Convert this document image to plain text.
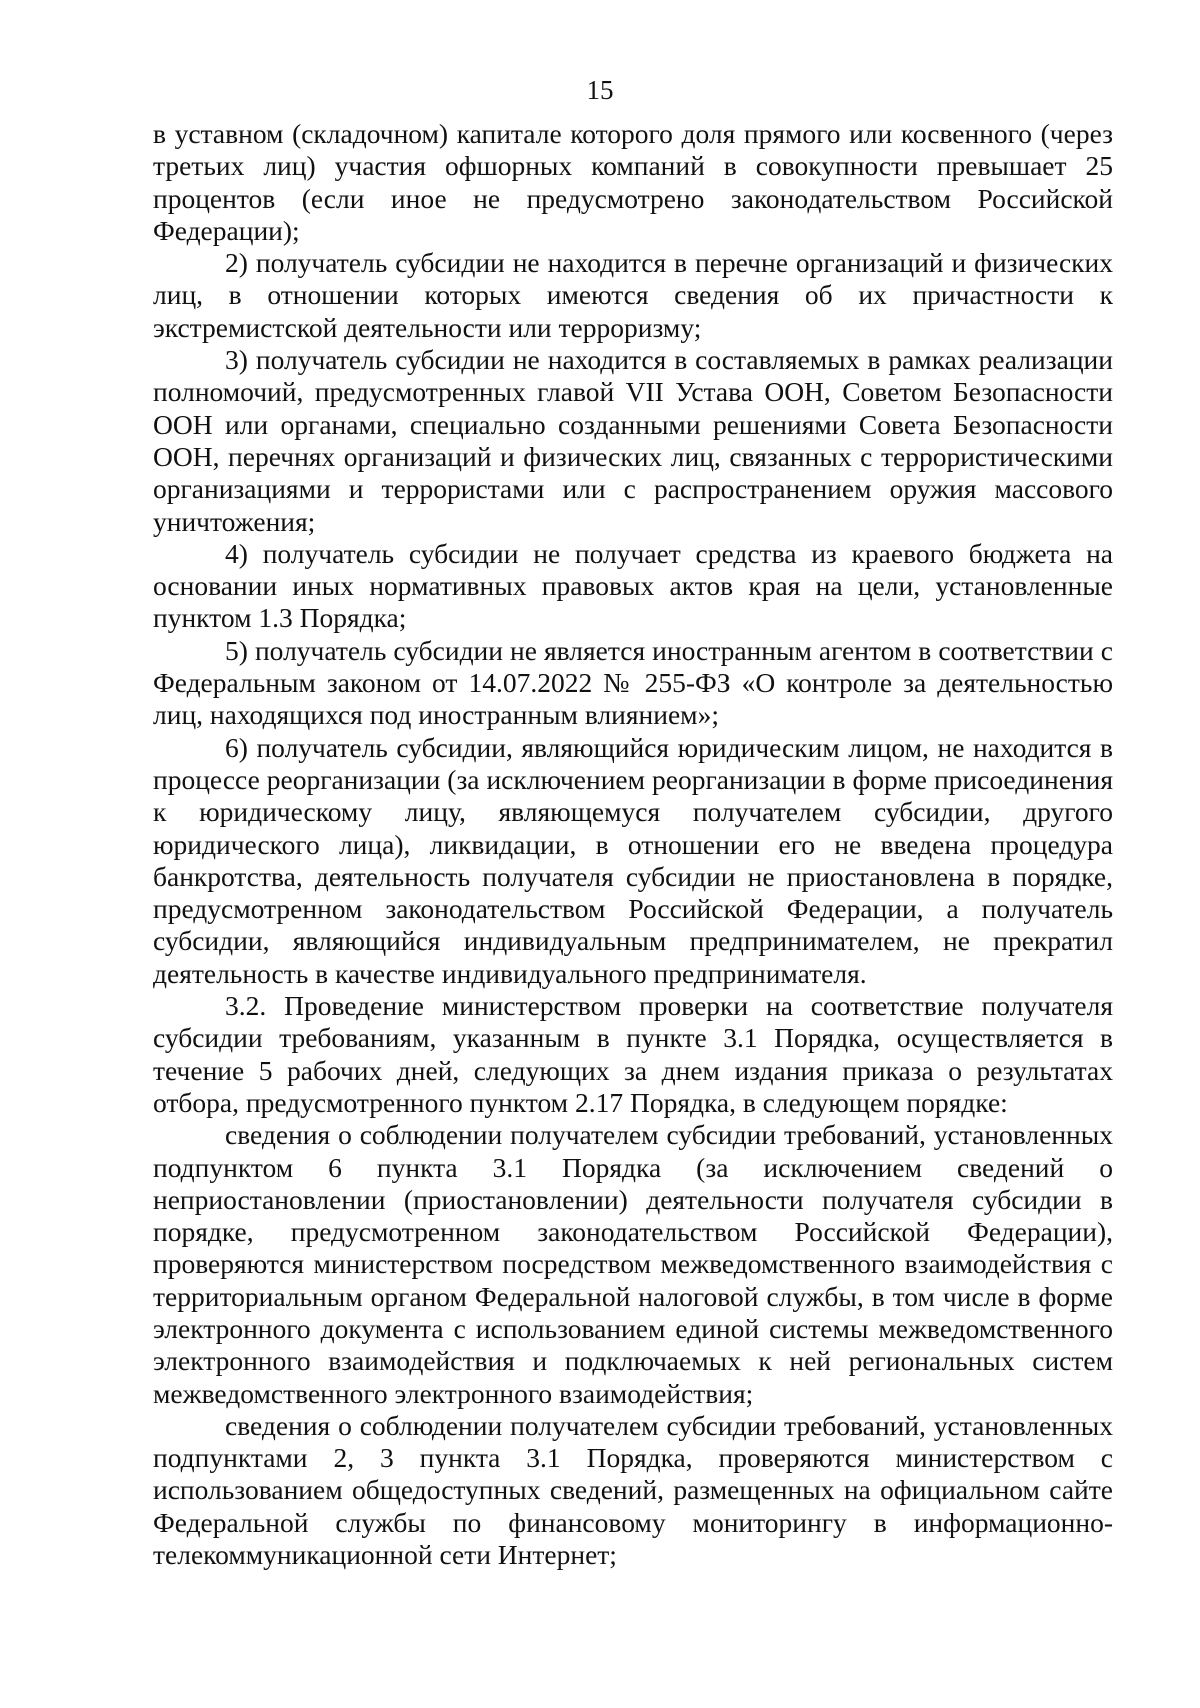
15

в уставном (складочном) капитале которого доля прямого или косвенного (через третьих лиц) участия офшорных компаний в совокупности превышает 25 процентов (если иное не предусмотрено законодательством Российской Федерации);

2) получатель субсидии не находится в перечне организаций и физических лиц, в отношении которых имеются сведения об их причастности к экстремистской деятельности или терроризму;

3) получатель субсидии не находится в составляемых в рамках реализации полномочий, предусмотренных главой VII Устава ООН, Советом Безопасности ООН или органами, специально созданными решениями Совета Безопасности ООН, перечнях организаций и физических лиц, связанных с террористическими организациями и террористами или с распространением оружия массового уничтожения;

4) получатель субсидии не получает средства из краевого бюджета на основании иных нормативных правовых актов края на цели, установленные пунктом 1.3 Порядка;

5) получатель субсидии не является иностранным агентом в соответствии с Федеральным законом от 14.07.2022 № 255-ФЗ «О контроле за деятельностью лиц, находящихся под иностранным влиянием»;

6) получатель субсидии, являющийся юридическим лицом, не находится в процессе реорганизации (за исключением реорганизации в форме присоединения к юридическому лицу, являющемуся получателем субсидии, другого юридического лица), ликвидации, в отношении его не введена процедура банкротства, деятельность получателя субсидии не приостановлена в порядке, предусмотренном законодательством Российской Федерации, а получатель субсидии, являющийся индивидуальным предпринимателем, не прекратил деятельность в качестве индивидуального предпринимателя.

3.2. Проведение министерством проверки на соответствие получателя субсидии требованиям, указанным в пункте 3.1 Порядка, осуществляется в течение 5 рабочих дней, следующих за днем издания приказа о результатах отбора, предусмотренного пунктом 2.17 Порядка, в следующем порядке:

сведения о соблюдении получателем субсидии требований, установленных подпунктом 6 пункта 3.1 Порядка (за исключением сведений о неприостановлении (приостановлении) деятельности получателя субсидии в порядке, предусмотренном законодательством Российской Федерации), проверяются министерством посредством межведомственного взаимодействия с территориальным органом Федеральной налоговой службы, в том числе в форме электронного документа с использованием единой системы межведомственного электронного взаимодействия и подключаемых к ней региональных систем межведомственного электронного взаимодействия;

сведения о соблюдении получателем субсидии требований, установленных подпунктами 2, 3 пункта 3.1 Порядка, проверяются министерством с использованием общедоступных сведений, размещенных на официальном сайте Федеральной службы по финансовому мониторингу в информационно-телекоммуникационной сети Интернет;
